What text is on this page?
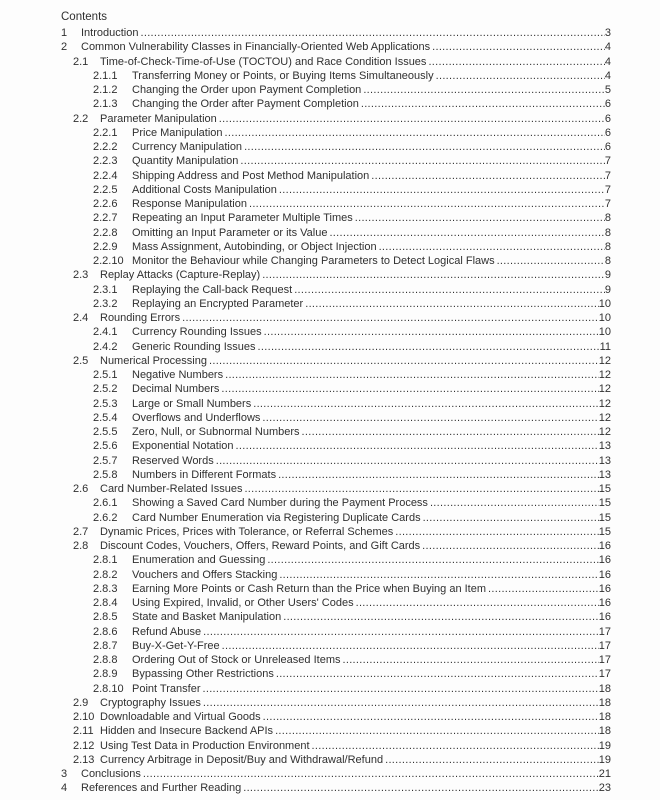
Contents
1	Introduction .....	3
2	Common Vulnerability Classes in Financially-Oriented Web Applications .....	4
2.1	Time-of-Check-Time-of-Use (TOCTOU) and Race Condition Issues .....	4
2.1.1	Transferring Money or Points, or Buying Items Simultaneously .....	4
2.1.2	Changing the Order upon Payment Completion .....	5
2.1.3	Changing the Order after Payment Completion .....	6
2.2	Parameter Manipulation .....	6
2.2.1	Price Manipulation .....	6
2.2.2	Currency Manipulation .....	6
2.2.3	Quantity Manipulation .....	7
2.2.4	Shipping Address and Post Method Manipulation .....	7
2.2.5	Additional Costs Manipulation .....	7
2.2.6	Response Manipulation .....	7
2.2.7	Repeating an Input Parameter Multiple Times .....	8
2.2.8	Omitting an Input Parameter or its Value .....	8
2.2.9	Mass Assignment, Autobinding, or Object Injection .....	8
2.2.10 Monitor the Behaviour while Changing Parameters to Detect Logical Flaws .....	8
2.3	Replay Attacks (Capture-Replay) .....	9
2.3.1	Replaying the Call-back Request .....	9
2.3.2	Replaying an Encrypted Parameter .....	10
2.4	Rounding Errors .....	10
2.4.1	Currency Rounding Issues .....	10
2.4.2	Generic Rounding Issues .....	11
2.5	Numerical Processing .....	12
2.5.1	Negative Numbers .....	12
2.5.2	Decimal Numbers .....	12
2.5.3	Large or Small Numbers .....	12
2.5.4	Overflows and Underflows .....	12
2.5.5	Zero, Null, or Subnormal Numbers .....	12
2.5.6	Exponential Notation .....	13
2.5.7	Reserved Words .....	13
2.5.8	Numbers in Different Formats .....	13
2.6	Card Number-Related Issues .....	15
2.6.1	Showing a Saved Card Number during the Payment Process .....	15
2.6.2	Card Number Enumeration via Registering Duplicate Cards .....	15
2.7	Dynamic Prices, Prices with Tolerance, or Referral Schemes .....	15
2.8	Discount Codes, Vouchers, Offers, Reward Points, and Gift Cards .....	16
2.8.1	Enumeration and Guessing .....	16
2.8.2	Vouchers and Offers Stacking .....	16
2.8.3	Earning More Points or Cash Return than the Price when Buying an Item .....	16
2.8.4	Using Expired, Invalid, or Other Users' Codes .....	16
2.8.5	State and Basket Manipulation .....	16
2.8.6	Refund Abuse .....	17
2.8.7	Buy-X-Get-Y-Free .....	17
2.8.8	Ordering Out of Stock or Unreleased Items .....	17
2.8.9	Bypassing Other Restrictions .....	17
2.8.10 Point Transfer .....	18
2.9	Cryptography Issues .....	18
2.10 Downloadable and Virtual Goods .....	18
2.11 Hidden and Insecure Backend APIs .....	18
2.12 Using Test Data in Production Environment .....	19
2.13 Currency Arbitrage in Deposit/Buy and Withdrawal/Refund .....	19
3	Conclusions .....	21
4	References and Further Reading .....	23
